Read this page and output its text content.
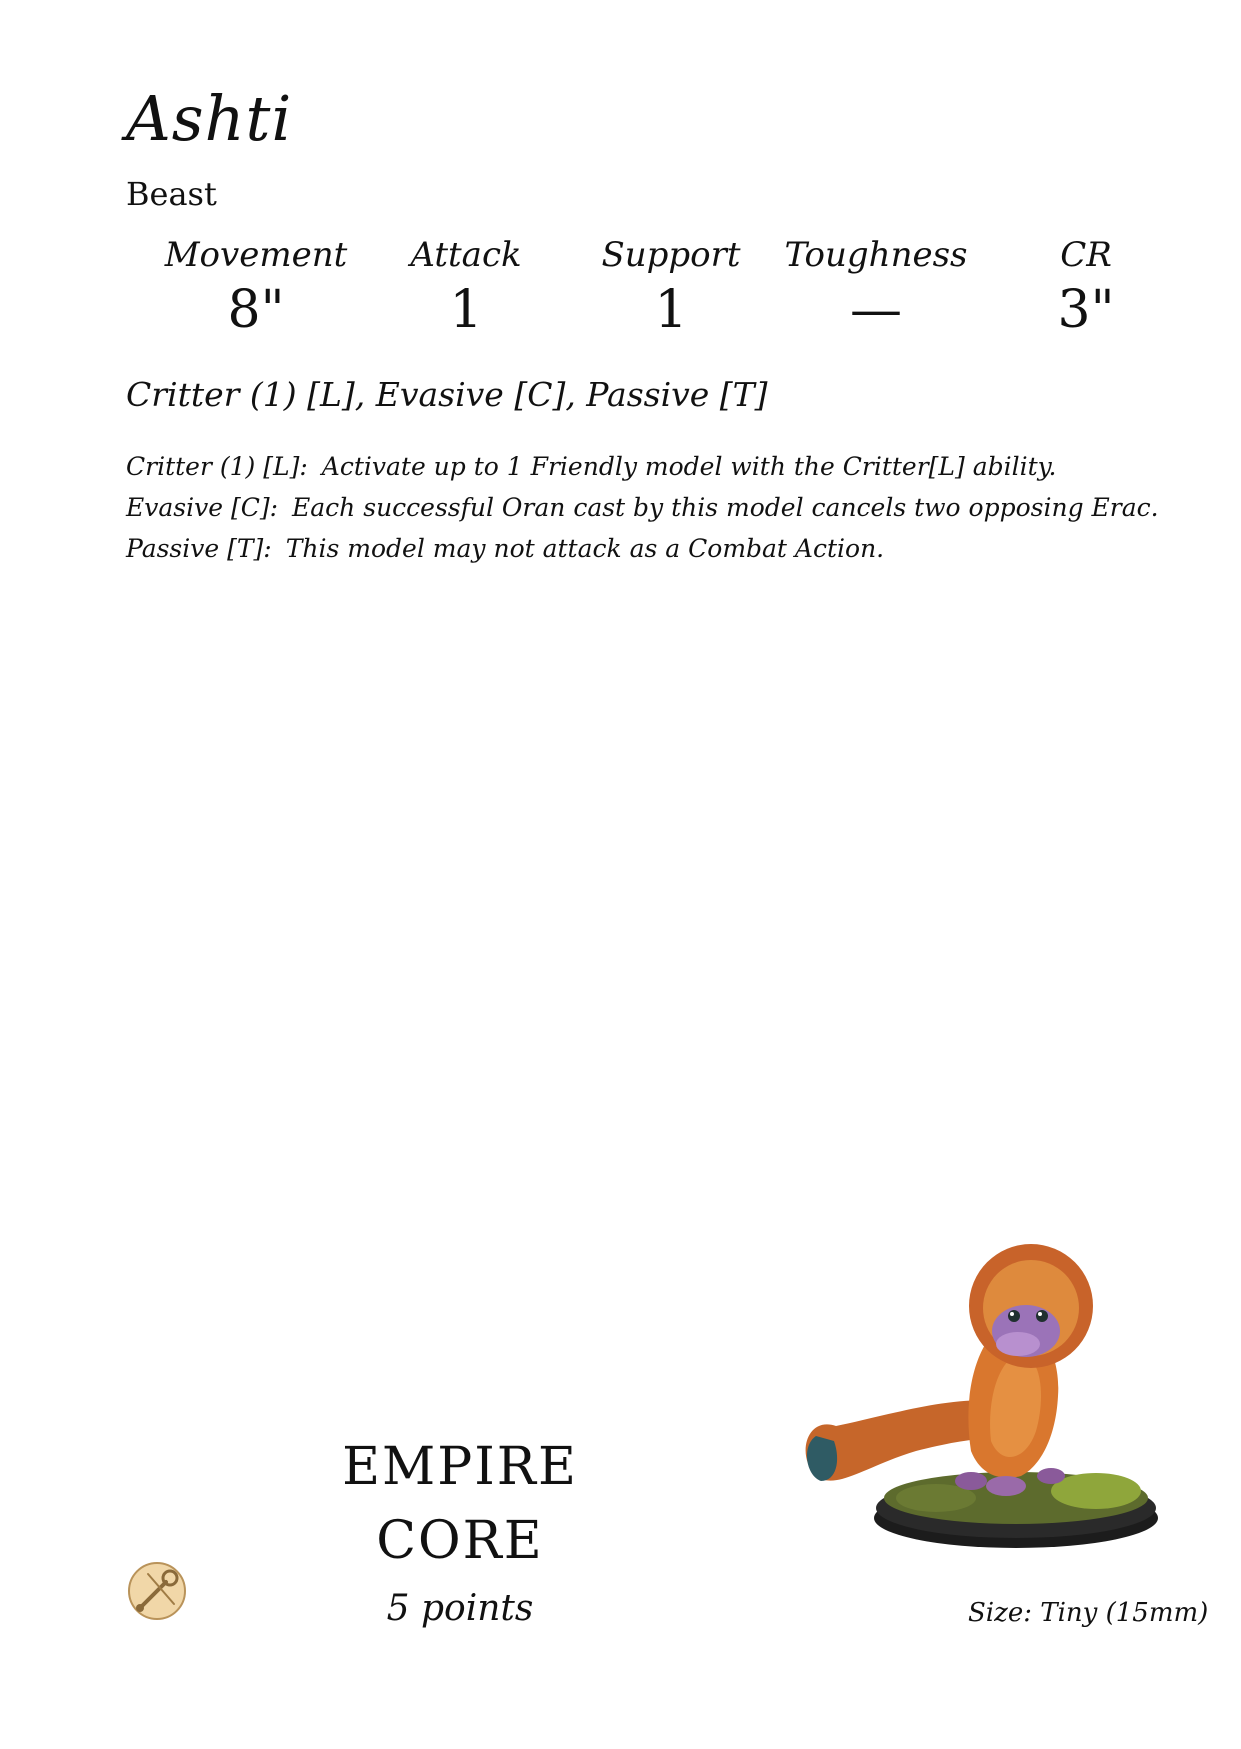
Ashti
Beast
Movement
8"
Attack
1
Support
1
Toughness
—
CR
3"
Critter (1) [L], Evasive [C], Passive [T]
Critter (1) [L]: Activate up to 1 Friendly model with the Critter[L] ability.
Evasive [C]: Each successful Oran cast by this model cancels two opposing Erac.
Passive [T]: This model may not attack as a Combat Action.
EMPIRE
CORE
5 points	Size: Tiny (15mm)
